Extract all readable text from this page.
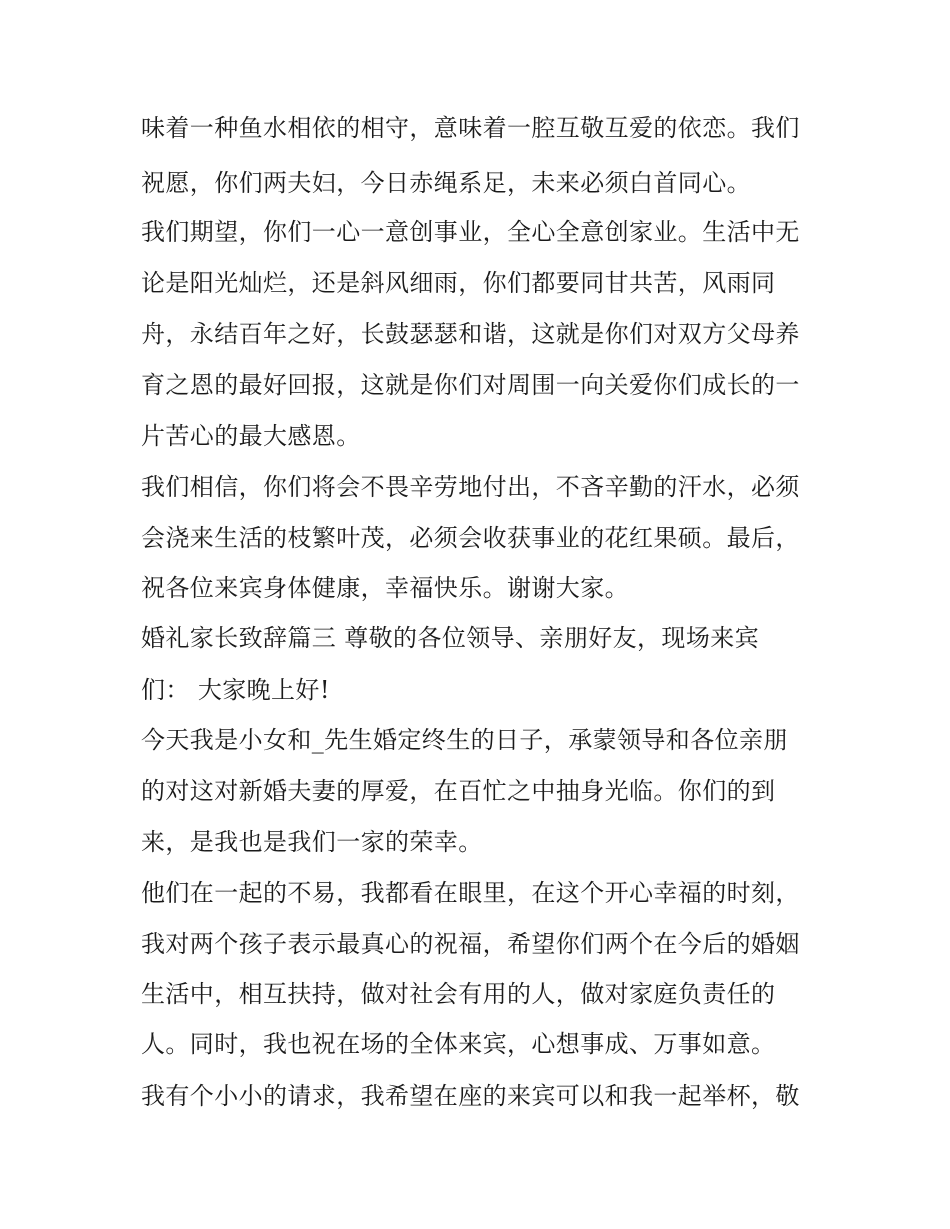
味着一种鱼水相依的相守，意味着一腔互敬互爱的依恋。我们
祝愿，你们两夫妇，今日赤绳系足，未来必须白首同心。
我们期望，你们一心一意创事业，全心全意创家业。生活中无
论是阳光灿烂，还是斜风细雨，你们都要同甘共苦，风雨同
舟，永结百年之好，长鼓瑟瑟和谐，这就是你们对双方父母养
育之恩的最好回报，这就是你们对周围一向关爱你们成长的一
片苦心的最大感恩。
我们相信，你们将会不畏辛劳地付出，不吝辛勤的汗水，必须
会浇来生活的枝繁叶茂，必须会收获事业的花红果硕。最后，
祝各位来宾身体健康，幸福快乐。谢谢大家。
婚礼家长致辞篇三 尊敬的各位领导、亲朋好友，现场来宾
们： 大家晚上好!
今天我是小女和_先生婚定终生的日子，承蒙领导和各位亲朋
的对这对新婚夫妻的厚爱，在百忙之中抽身光临。你们的到
来，是我也是我们一家的荣幸。
他们在一起的不易，我都看在眼里，在这个开心幸福的时刻，
我对两个孩子表示最真心的祝福，希望你们两个在今后的婚姻
生活中，相互扶持，做对社会有用的人，做对家庭负责任的
人。同时，我也祝在场的全体来宾，心想事成、万事如意。
我有个小小的请求，我希望在座的来宾可以和我一起举杯，敬
